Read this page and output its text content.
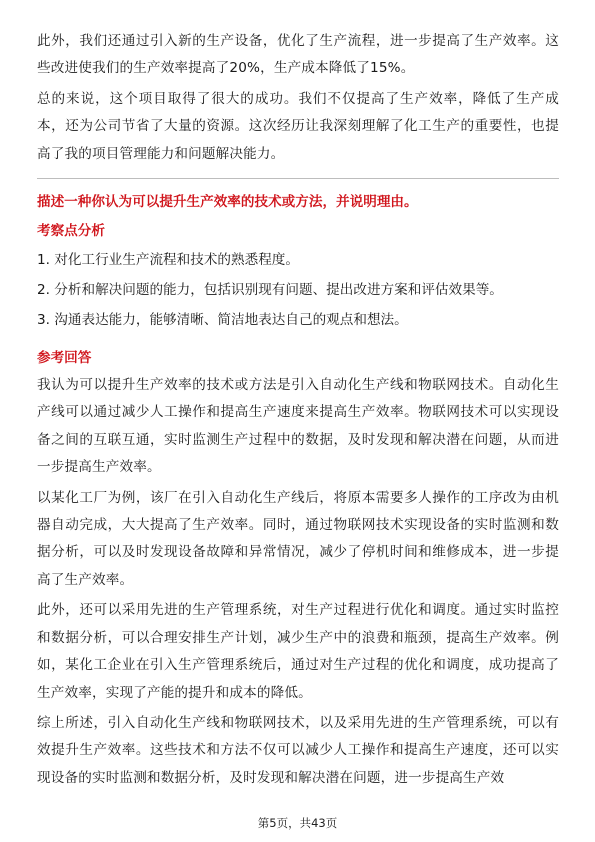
此外，我们还通过引入新的生产设备，优化了生产流程，进一步提高了生产效率。这些改进使我们的生产效率提高了20%，生产成本降低了15%。

总的来说，这个项目取得了很大的成功。我们不仅提高了生产效率，降低了生产成本，还为公司节省了大量的资源。这次经历让我深刻理解了化工生产的重要性，也提高了我的项目管理能力和问题解决能力。

描述一种你认为可以提升生产效率的技术或方法，并说明理由。
考察点分析
1. 对化工行业生产流程和技术的熟悉程度。
2. 分析和解决问题的能力，包括识别现有问题、提出改进方案和评估效果等。
3. 沟通表达能力，能够清晰、简洁地表达自己的观点和想法。
参考回答

我认为可以提升生产效率的技术或方法是引入自动化生产线和物联网技术。自动化生产线可以通过减少人工操作和提高生产速度来提高生产效率。物联网技术可以实现设备之间的互联互通，实时监测生产过程中的数据，及时发现和解决潜在问题，从而进一步提高生产效率。

以某化工厂为例，该厂在引入自动化生产线后，将原本需要多人操作的工序改为由机器自动完成，大大提高了生产效率。同时，通过物联网技术实现设备的实时监测和数据分析，可以及时发现设备故障和异常情况，减少了停机时间和维修成本，进一步提高了生产效率。

此外，还可以采用先进的生产管理系统，对生产过程进行优化和调度。通过实时监控和数据分析，可以合理安排生产计划，减少生产中的浪费和瓶颈，提高生产效率。例如，某化工企业在引入生产管理系统后，通过对生产过程的优化和调度，成功提高了生产效率，实现了产能的提升和成本的降低。

综上所述，引入自动化生产线和物联网技术，以及采用先进的生产管理系统，可以有效提升生产效率。这些技术和方法不仅可以减少人工操作和提高生产速度，还可以实现设备的实时监测和数据分析，及时发现和解决潜在问题，进一步提高生产效

第5页，共43页
